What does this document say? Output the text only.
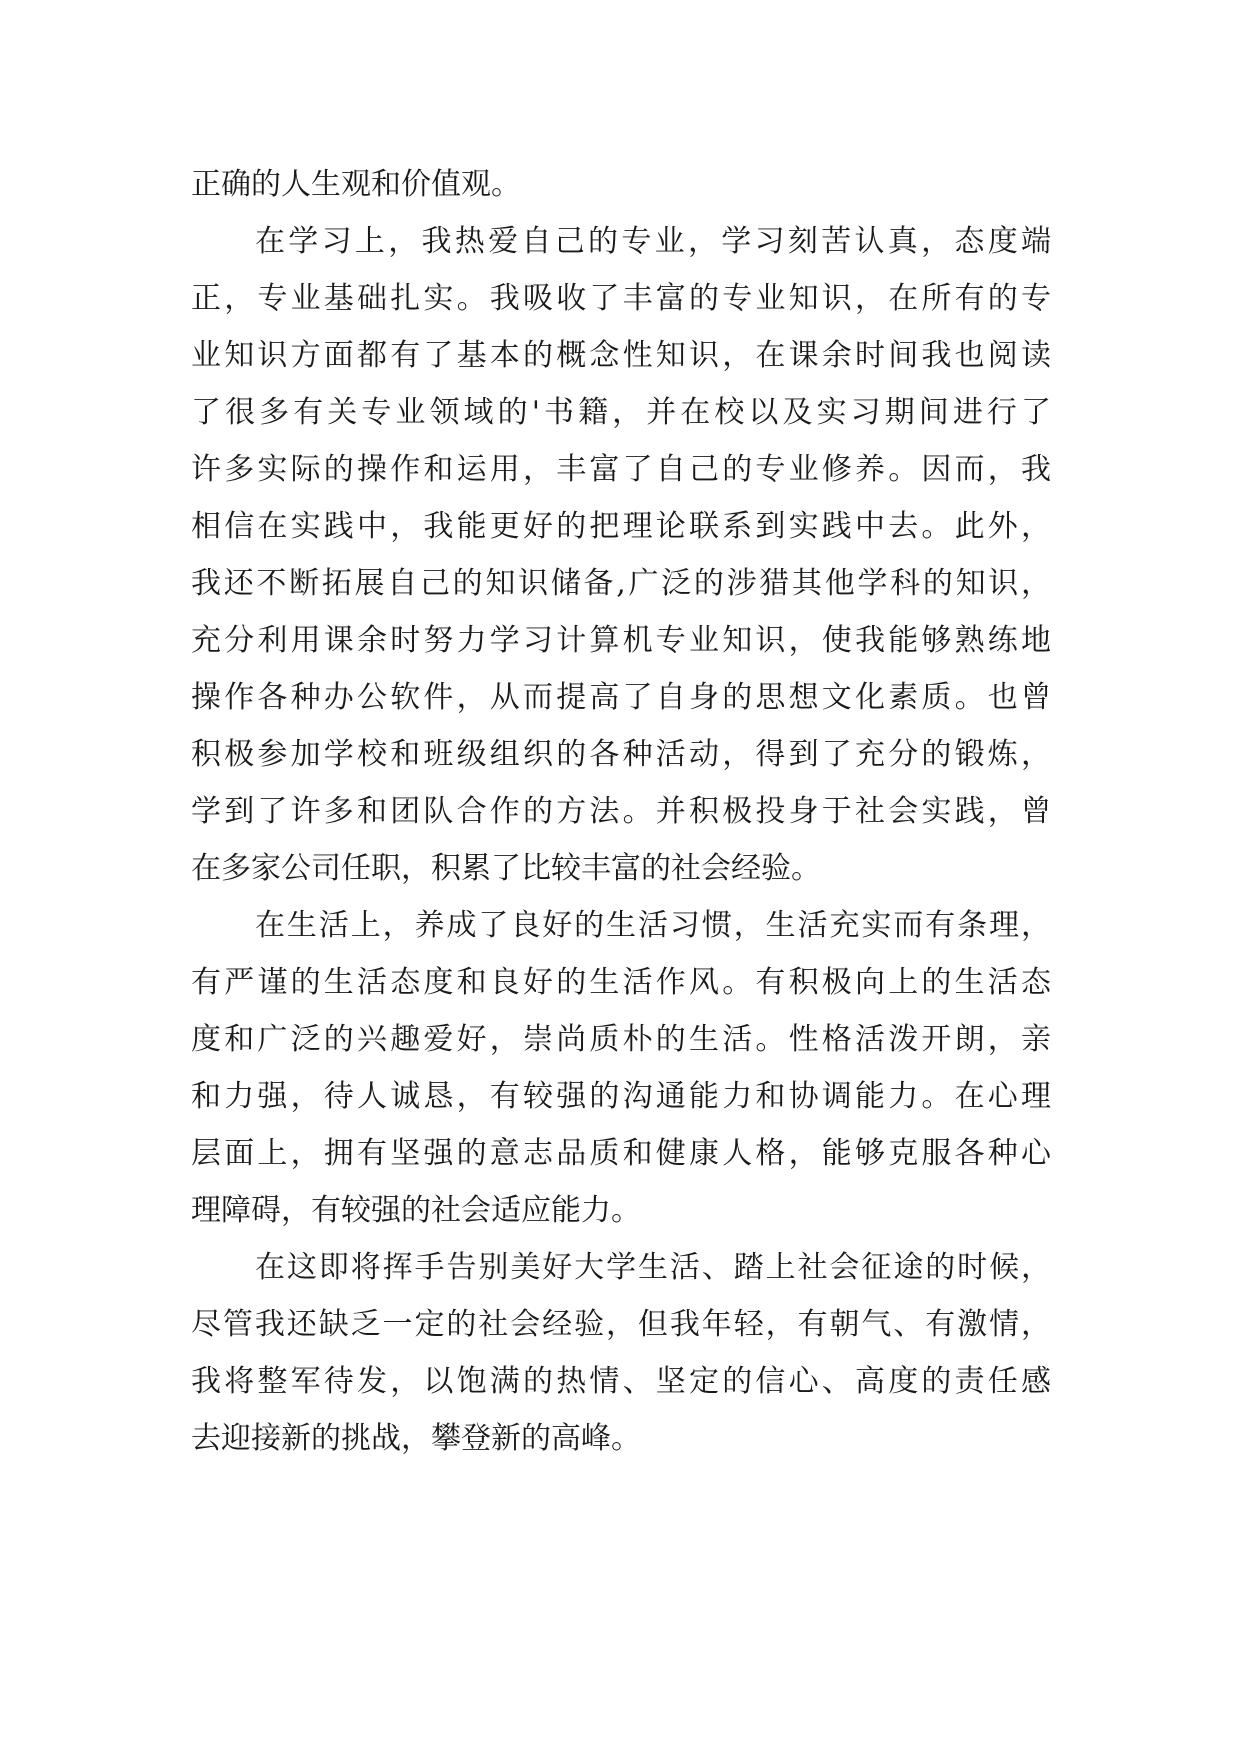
正确的人生观和价值观。
在学习上，我热爱自己的专业，学习刻苦认真，态度端
正，专业基础扎实。我吸收了丰富的专业知识，在所有的专
业知识方面都有了基本的概念性知识，在课余时间我也阅读
了很多有关专业领域的'书籍，并在校以及实习期间进行了
许多实际的操作和运用，丰富了自己的专业修养。因而，我
相信在实践中，我能更好的把理论联系到实践中去。此外，
我还不断拓展自己的知识储备,广泛的涉猎其他学科的知识，
充分利用课余时努力学习计算机专业知识，使我能够熟练地
操作各种办公软件，从而提高了自身的思想文化素质。也曾
积极参加学校和班级组织的各种活动，得到了充分的锻炼，
学到了许多和团队合作的方法。并积极投身于社会实践，曾
在多家公司任职，积累了比较丰富的社会经验。
在生活上，养成了良好的生活习惯，生活充实而有条理，
有严谨的生活态度和良好的生活作风。有积极向上的生活态
度和广泛的兴趣爱好，崇尚质朴的生活。性格活泼开朗，亲
和力强，待人诚恳，有较强的沟通能力和协调能力。在心理
层面上，拥有坚强的意志品质和健康人格，能够克服各种心
理障碍，有较强的社会适应能力。
在这即将挥手告别美好大学生活、踏上社会征途的时候，
尽管我还缺乏一定的社会经验，但我年轻，有朝气、有激情，
我将整军待发，以饱满的热情、坚定的信心、高度的责任感
去迎接新的挑战，攀登新的高峰。
